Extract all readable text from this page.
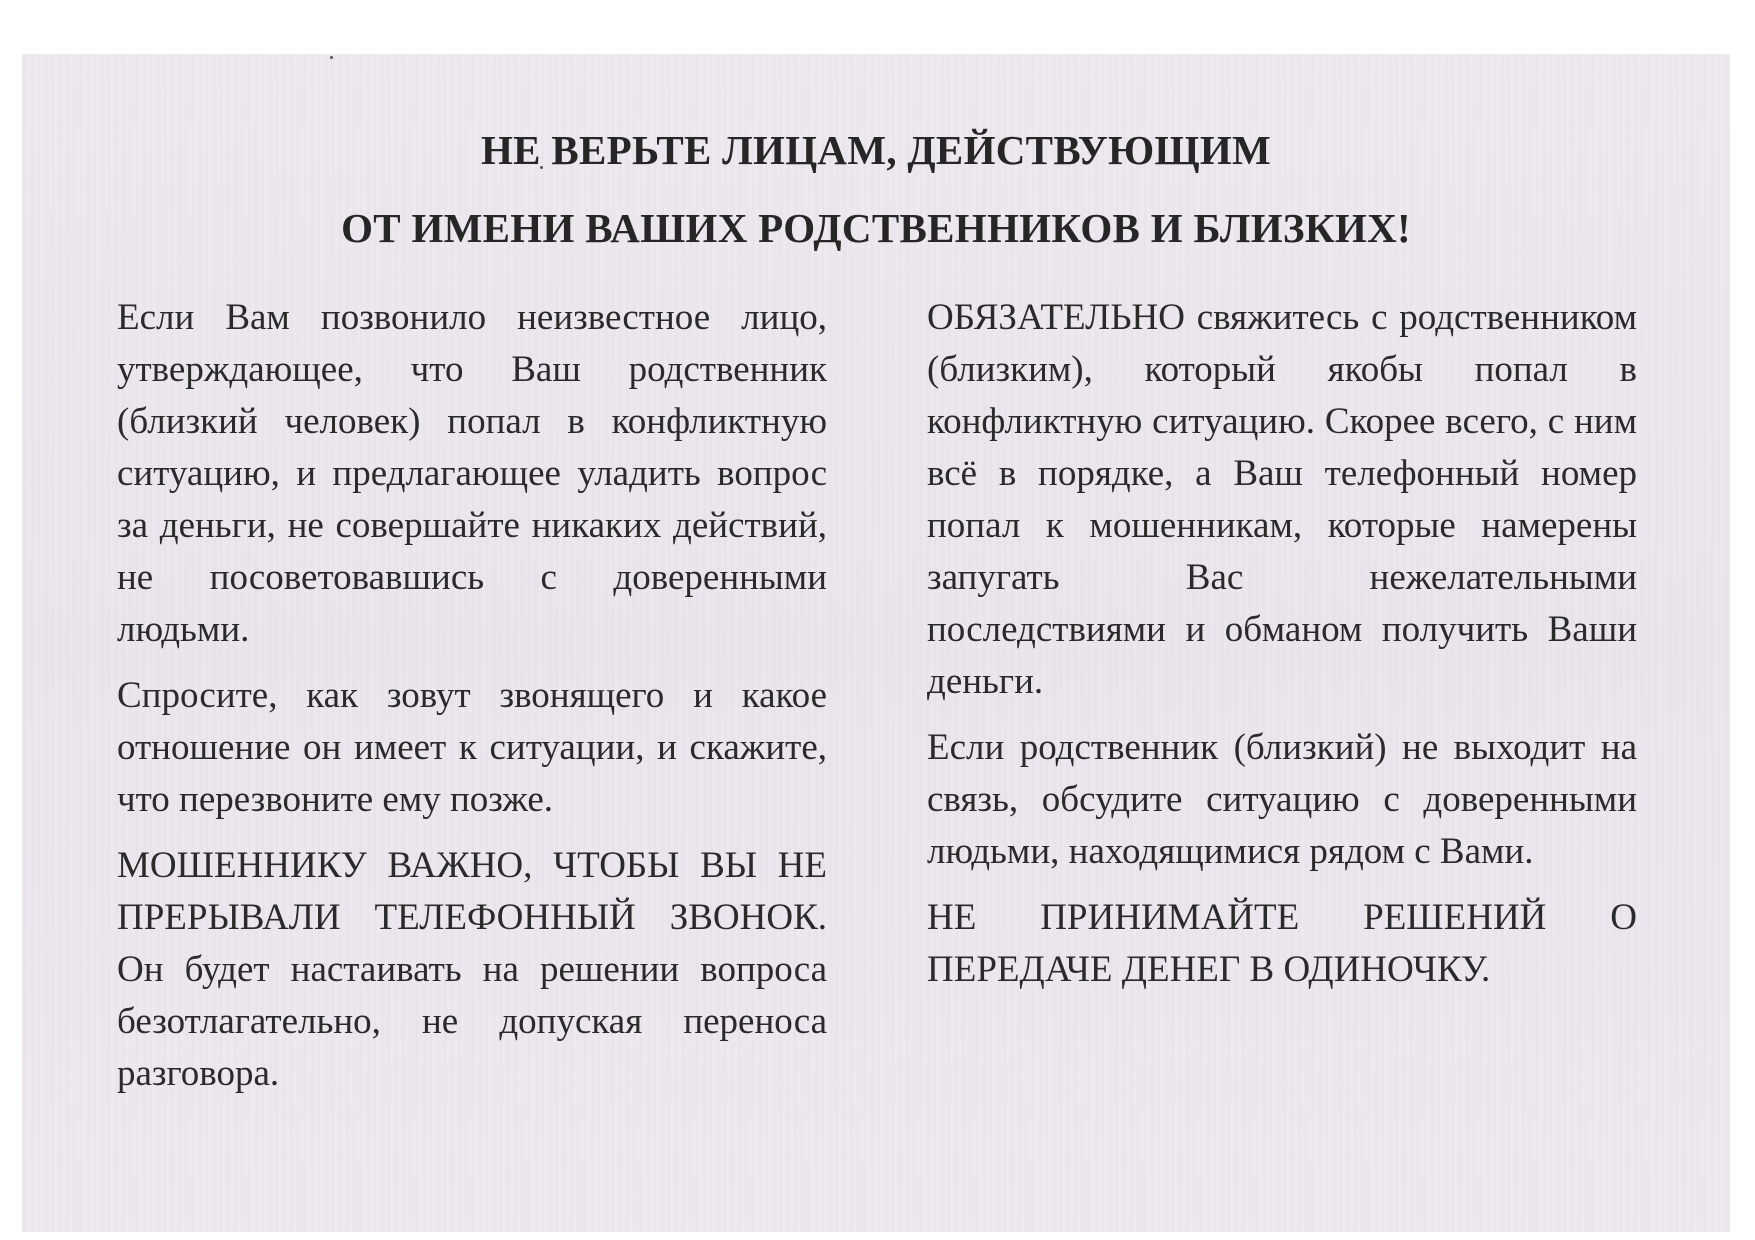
НЕ ВЕРЬТЕ ЛИЦАМ, ДЕЙСТВУЮЩИМ
ОТ ИМЕНИ ВАШИХ РОДСТВЕННИКОВ И БЛИЗКИХ!

Если Вам позвонило неизвестное лицо, утверждающее, что Ваш родственник (близкий человек) попал в конфликтную ситуацию, и предлагающее уладить вопрос за деньги, не совершайте никаких действий, не посоветовавшись с доверенными людьми.

Спросите, как зовут звонящего и какое отношение он имеет к ситуации, и скажите, что перезвоните ему позже.

МОШЕННИКУ ВАЖНО, ЧТОБЫ ВЫ НЕ ПРЕРЫВАЛИ ТЕЛЕФОННЫЙ ЗВОНОК. Он будет настаивать на решении вопроса безотлагательно, не допуская переноса разговора.

ОБЯЗАТЕЛЬНО свяжитесь с родственником (близким), который якобы попал в конфликтную ситуацию. Скорее всего, с ним всё в порядке, а Ваш телефонный номер попал к мошенникам, которые намерены запугать Вас нежелательными последствиями и обманом получить Ваши деньги.

Если родственник (близкий) не выходит на связь, обсудите ситуацию с доверенными людьми, находящимися рядом с Вами.

НЕ ПРИНИМАЙТЕ РЕШЕНИЙ О ПЕРЕДАЧЕ ДЕНЕГ В ОДИНОЧКУ.
